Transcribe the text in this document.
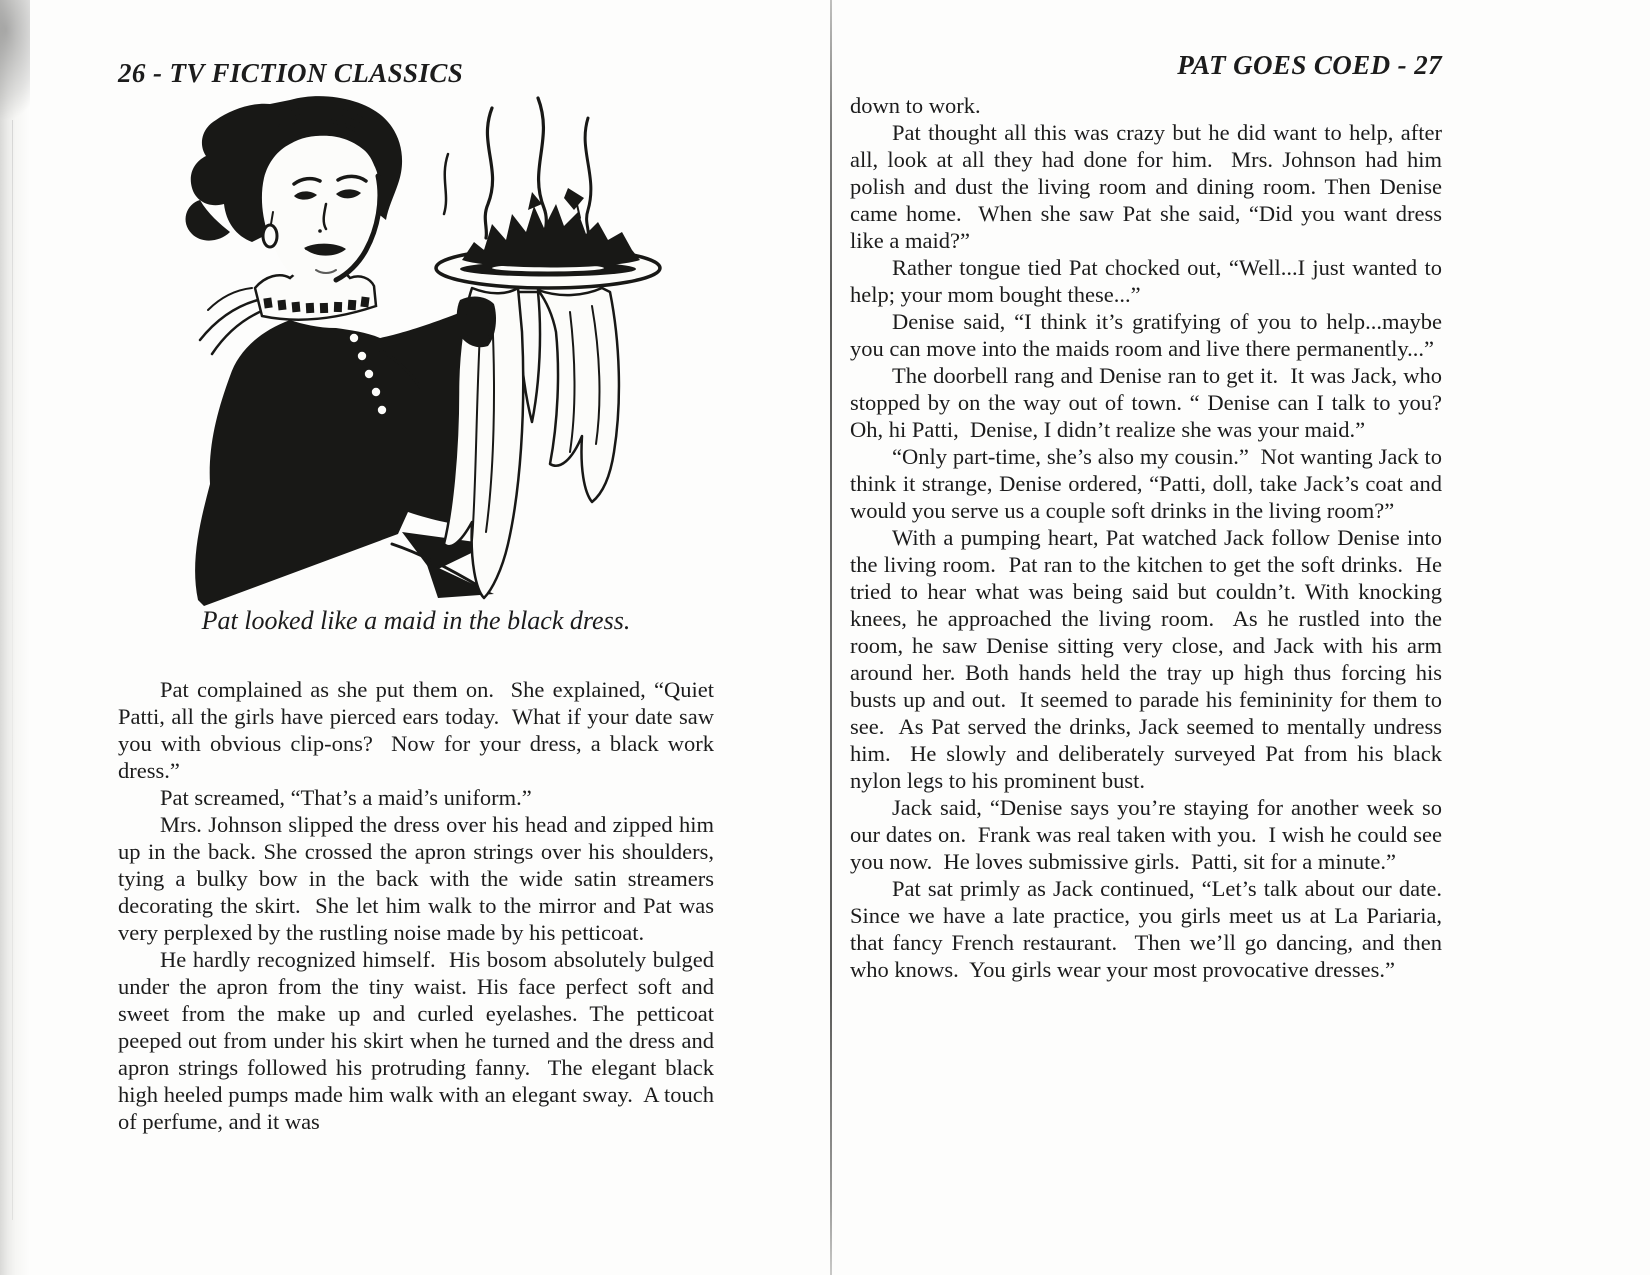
26 - TV FICTION CLASSICS
Pat looked like a maid in the black dress.

Pat complained as she put them on.  She explained, “Quiet Patti, all the girls have pierced ears today.  What if your date saw you with obvious clip-ons?  Now for your dress, a black work dress.”

Pat screamed, “That’s a maid’s uniform.”

Mrs. Johnson slipped the dress over his head and zipped him up in the back. She crossed the apron strings over his shoulders, tying a bulky bow in the back with the wide satin streamers decorating the skirt.  She let him walk to the mirror and Pat was very perplexed by the rustling noise made by his petticoat.

He hardly recognized himself.  His bosom absolutely bulged under the apron from the tiny waist. His face perfect soft and sweet from the make up and curled eyelashes. The petticoat peeped out from under his skirt when he turned and the dress and apron strings followed his protruding fanny.  The elegant black high heeled pumps made him walk with an elegant sway.  A touch of perfume, and it was

PAT GOES COED - 27

down to work.

Pat thought all this was crazy but he did want to help, after all, look at all they had done for him.  Mrs. Johnson had him polish and dust the living room and dining room. Then Denise came home.  When she saw Pat she said, “Did you want dress like a maid?”

Rather tongue tied Pat chocked out, “Well...I just wanted to help; your mom bought these...”

Denise said, “I think it’s gratifying of you to help...maybe you can move into the maids room and live there permanently...”

The doorbell rang and Denise ran to get it.  It was Jack, who stopped by on the way out of town. “ Denise can I talk to you?  Oh, hi Patti,  Denise, I didn’t realize she was your maid.”

“Only part-time, she’s also my cousin.”  Not wanting Jack to think it strange, Denise ordered, “Patti, doll, take Jack’s coat and would you serve us a couple soft drinks in the living room?”

With a pumping heart, Pat watched Jack follow Denise into the living room.  Pat ran to the kitchen to get the soft drinks.  He tried to hear what was being said but couldn’t. With knocking knees, he approached the living room.  As he rustled into the room, he saw Denise sitting very close, and Jack with his arm around her. Both hands held the tray up high thus forcing his busts up and out.  It seemed to parade his femininity for them to see.  As Pat served the drinks, Jack seemed to mentally undress him.  He slowly and deliberately surveyed Pat from his black nylon legs to his prominent bust.

Jack said, “Denise says you’re staying for another week so our dates on.  Frank was real taken with you.  I wish he could see you now.  He loves submissive girls.  Patti, sit for a minute.”

Pat sat primly as Jack continued, “Let’s talk about our date.  Since we have a late practice, you girls meet us at La Pariaria, that fancy French restaurant.  Then we’ll go dancing, and then who knows.  You girls wear your most provocative dresses.”
